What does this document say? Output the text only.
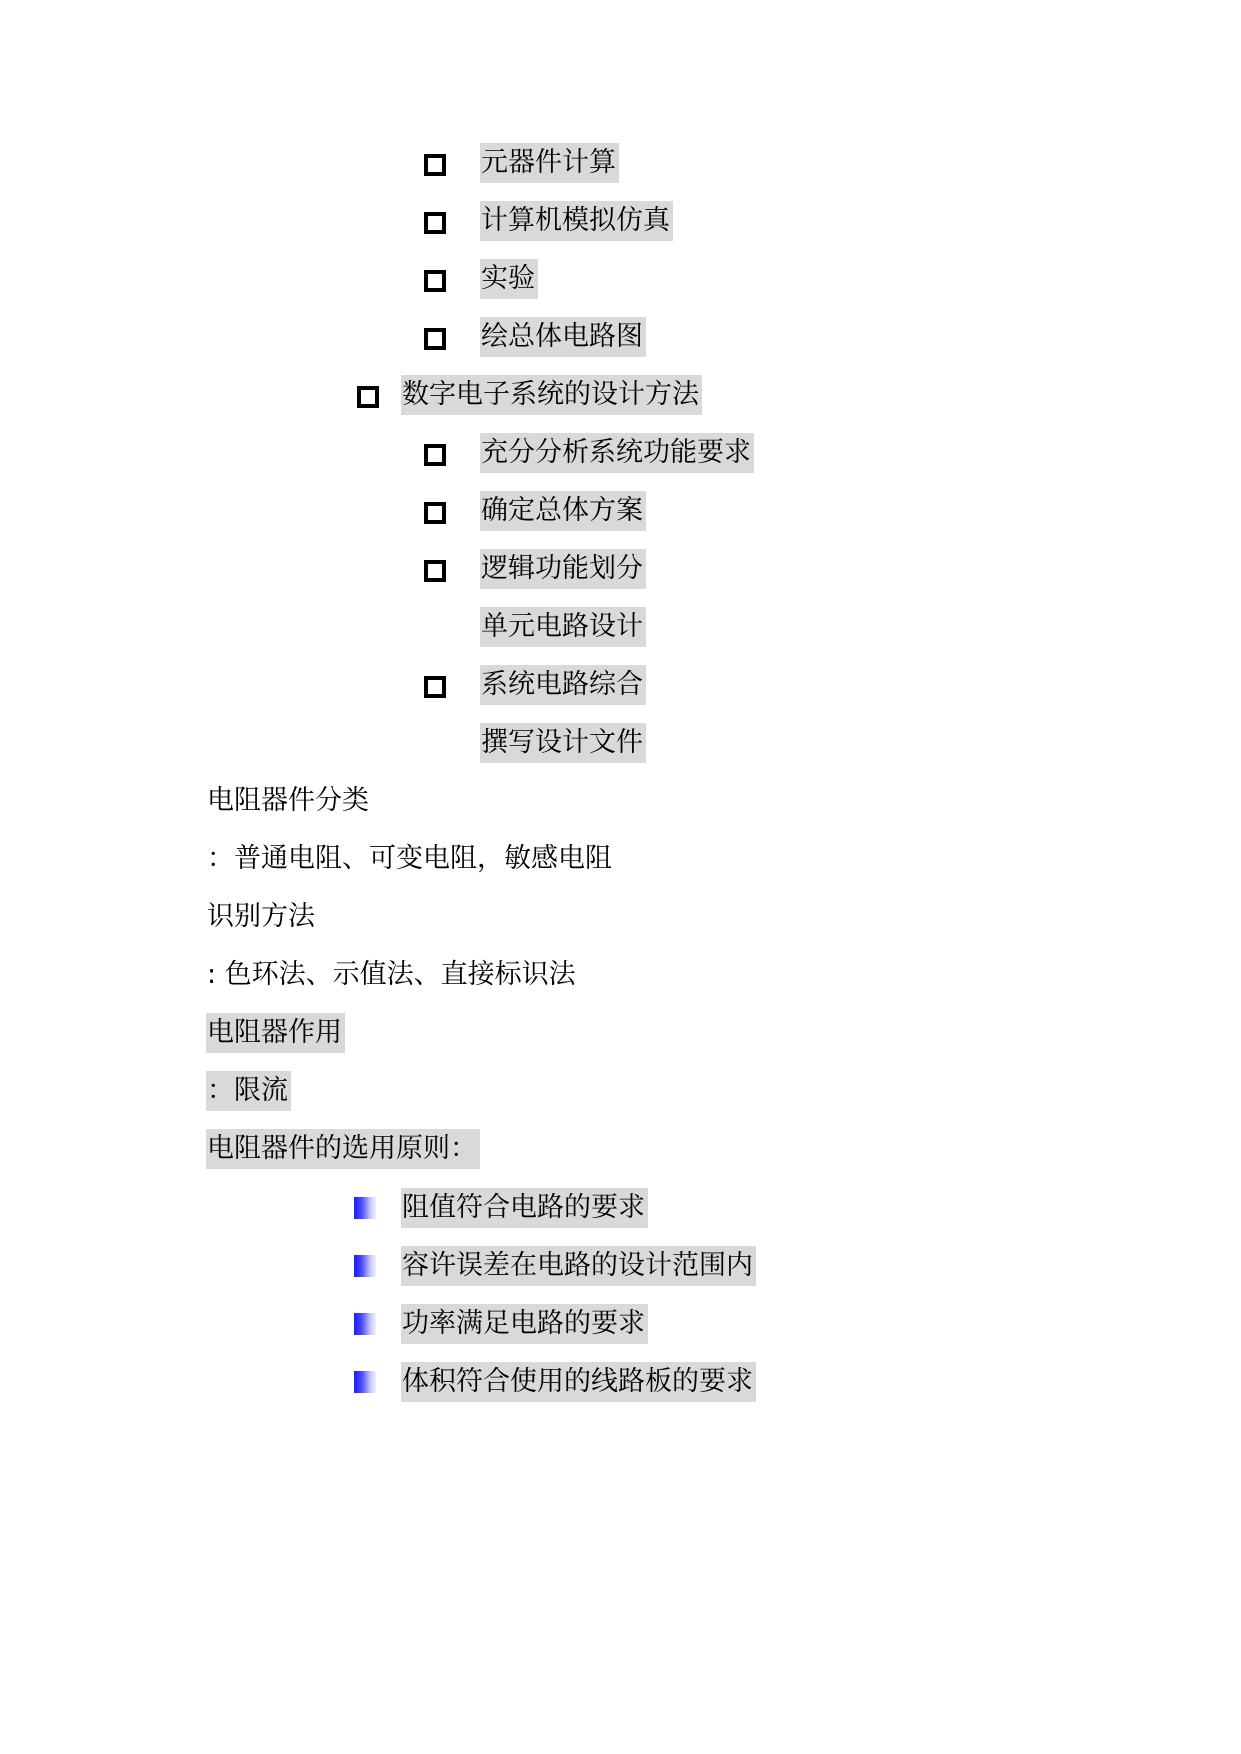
元器件计算
计算机模拟仿真
实验
绘总体电路图
数字电子系统的设计方法
充分分析系统功能要求
确定总体方案
逻辑功能划分
单元电路设计
系统电路综合
撰写设计文件
电阻器件分类
：普通电阻、可变电阻，敏感电阻
识别方法
: 色环法、示值法、直接标识法
电阻器作用
：限流
电阻器件的选用原则：
阻值符合电路的要求
容许误差在电路的设计范围内
功率满足电路的要求
体积符合使用的线路板的要求
